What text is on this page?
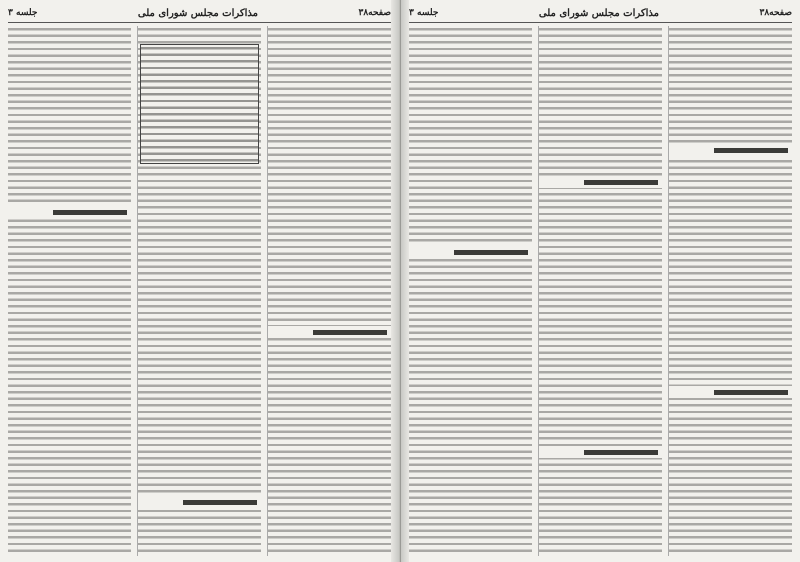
صفحه۳۸
مذاکرات مجلس شورای ملی
جلسه ۳
صفحه۳۸
مذاکرات مجلس شورای ملی
جلسه ۳
